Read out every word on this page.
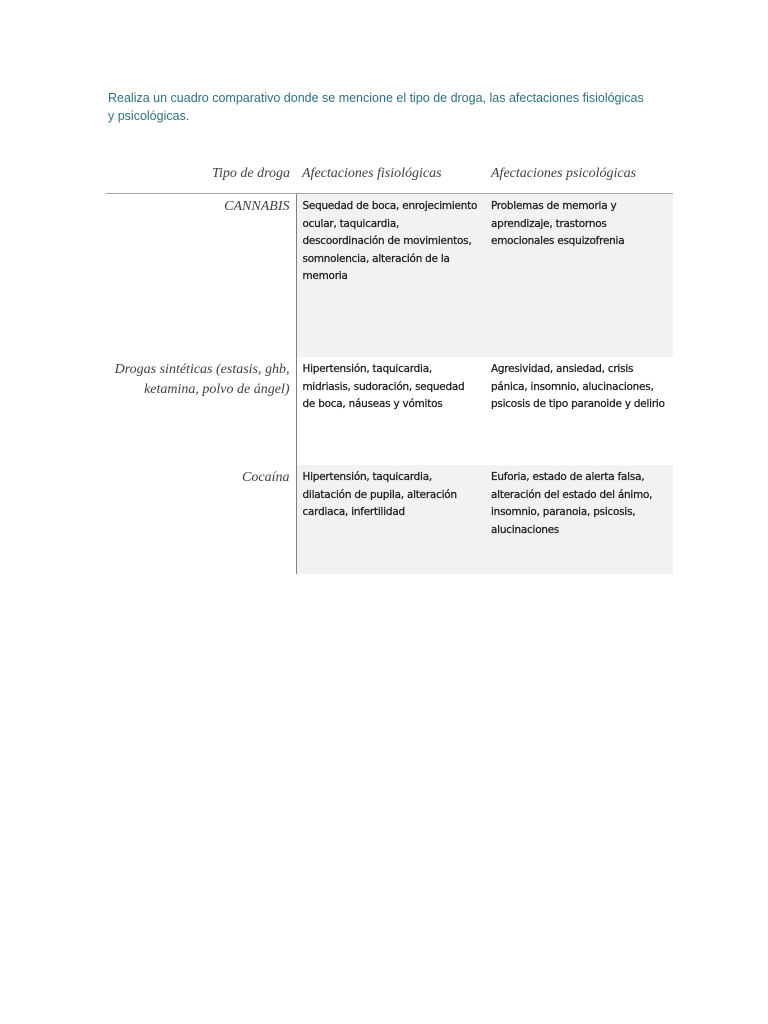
Realiza un cuadro comparativo donde se mencione el tipo de droga, las afectaciones fisiológicas y psicológicas.

Tipo de droga	Afectaciones fisiológicas	Afectaciones psicológicas
CANNABIS	Sequedad de boca, enrojecimiento ocular, taquicardia, descoordinación de movimientos, somnolencia, alteración de la memoria	Problemas de memoria y aprendizaje, trastornos emocionales esquizofrenia
Drogas sintéticas (estasis, ghb, ketamina, polvo de ángel)	Hipertensión, taquicardia, midriasis, sudoración, sequedad de boca, náuseas y vómitos	Agresividad, ansiedad, crisis pánica, insomnio, alucinaciones, psicosis de tipo paranoide y delirio
Cocaína	Hipertensión, taquicardia, dilatación de pupila, alteración cardiaca, infertilidad	Euforia, estado de alerta falsa, alteración del estado del ánimo, insomnio, paranoia, psicosis, alucinaciones
